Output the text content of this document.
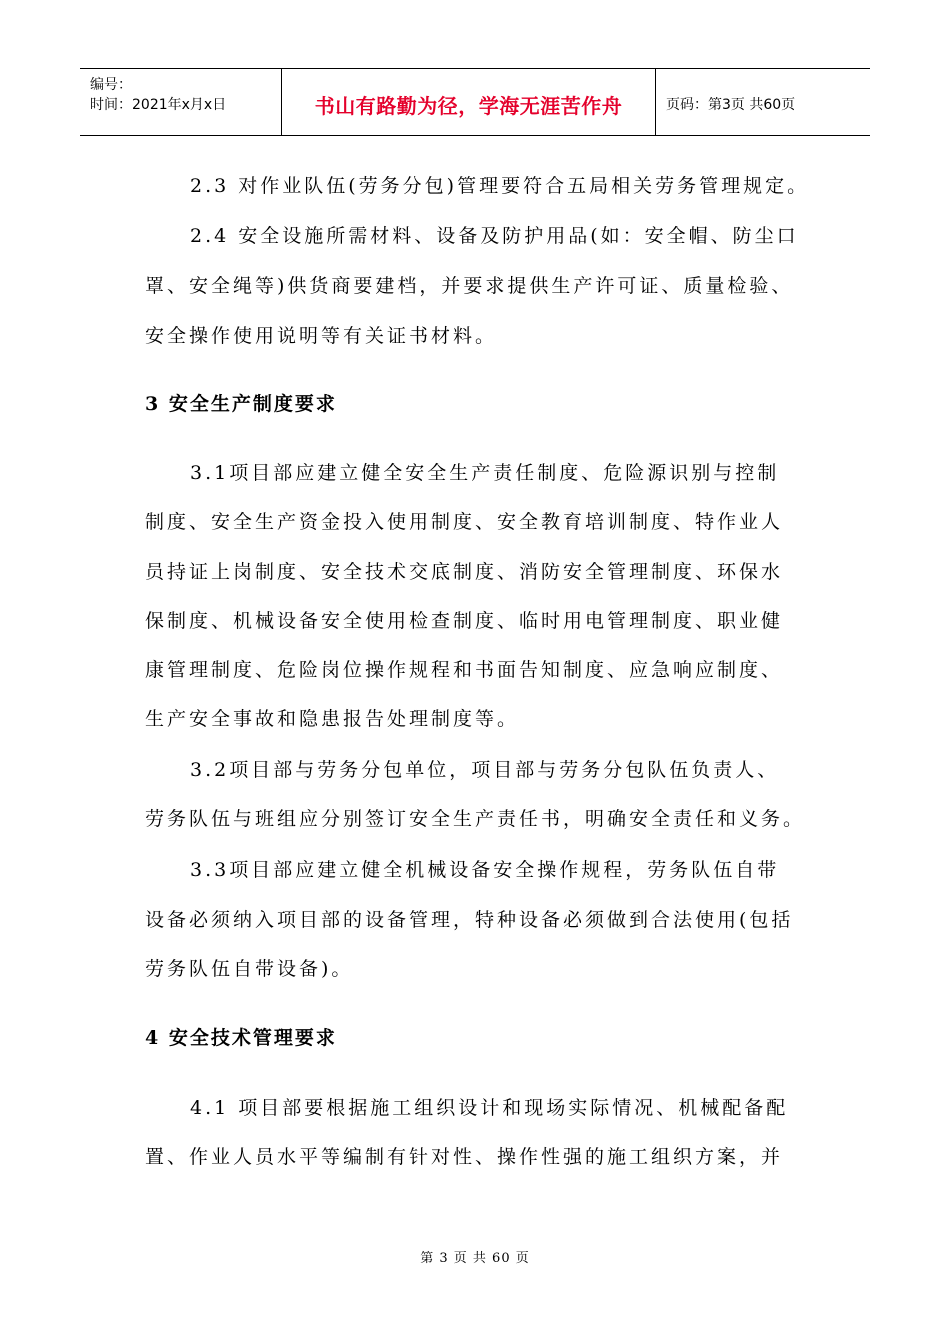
编号：
时间：2021年x月x日	书山有路勤为径，学海无涯苦作舟	页码：第3页 共60页
2.3 对作业队伍(劳务分包)管理要符合五局相关劳务管理规定。
2.4 安全设施所需材料、设备及防护用品(如：安全帽、防尘口
罩、安全绳等)供货商要建档，并要求提供生产许可证、质量检验、
安全操作使用说明等有关证书材料。
3 安全生产制度要求
3.1项目部应建立健全安全生产责任制度、危险源识别与控制
制度、安全生产资金投入使用制度、安全教育培训制度、特作业人
员持证上岗制度、安全技术交底制度、消防安全管理制度、环保水
保制度、机械设备安全使用检查制度、临时用电管理制度、职业健
康管理制度、危险岗位操作规程和书面告知制度、应急响应制度、
生产安全事故和隐患报告处理制度等。
3.2项目部与劳务分包单位，项目部与劳务分包队伍负责人、
劳务队伍与班组应分别签订安全生产责任书，明确安全责任和义务。
3.3项目部应建立健全机械设备安全操作规程，劳务队伍自带
设备必须纳入项目部的设备管理，特种设备必须做到合法使用(包括
劳务队伍自带设备)。
4 安全技术管理要求
4.1 项目部要根据施工组织设计和现场实际情况、机械配备配
置、作业人员水平等编制有针对性、操作性强的施工组织方案，并
第 3 页 共 60 页
